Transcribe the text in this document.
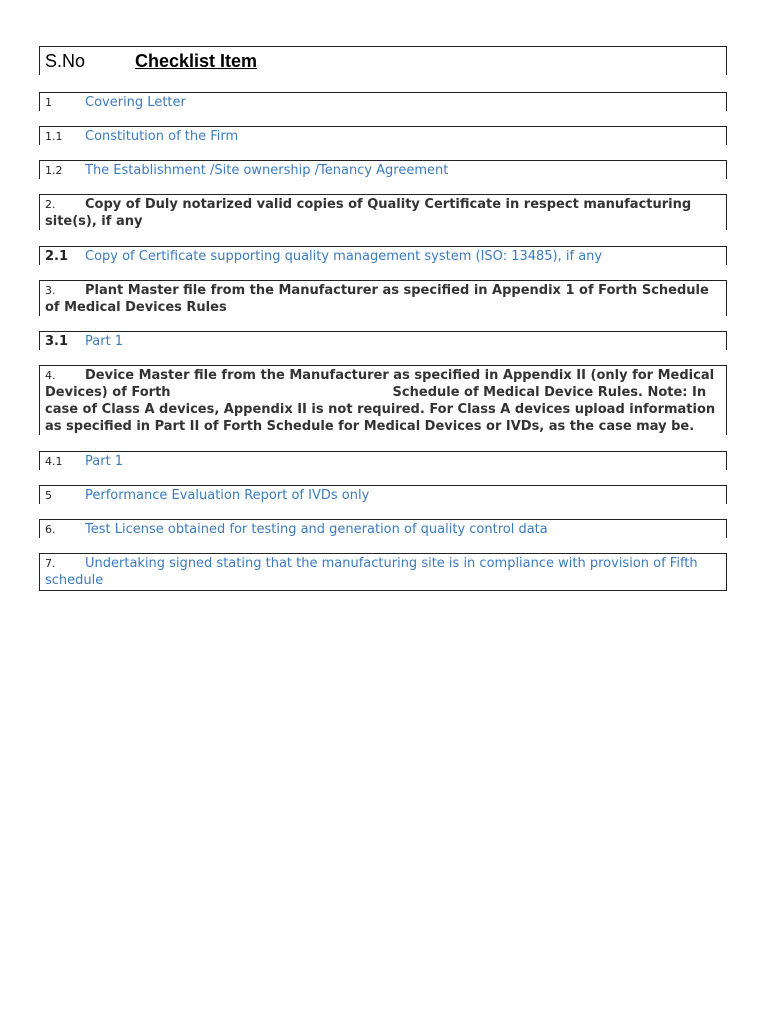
S.No	Checklist Item
1	Covering Letter
1.1 Constitution of the Firm
1.2 The Establishment /Site ownership /Tenancy Agreement
2. Copy of Duly notarized valid copies of Quality Certificate in respect manufacturing site(s), if any
2.1 Copy of Certificate supporting quality management system (ISO: 13485), if any
3. Plant Master file from the Manufacturer as specified in Appendix 1 of Forth Schedule of Medical Devices Rules
3.1 Part 1
4. Device Master file from the Manufacturer as specified in Appendix II (only for Medical Devices) of Forth	Schedule of Medical Device Rules. Note: In case of Class A devices, Appendix II is not required. For Class A devices upload information as specified in Part II of Forth Schedule for Medical Devices or IVDs, as the case may be.
4.1 Part 1
5	Performance Evaluation Report of IVDs only
6. Test License obtained for testing and generation of quality control data
7. Undertaking signed stating that the manufacturing site is in compliance with provision of Fifth schedule
